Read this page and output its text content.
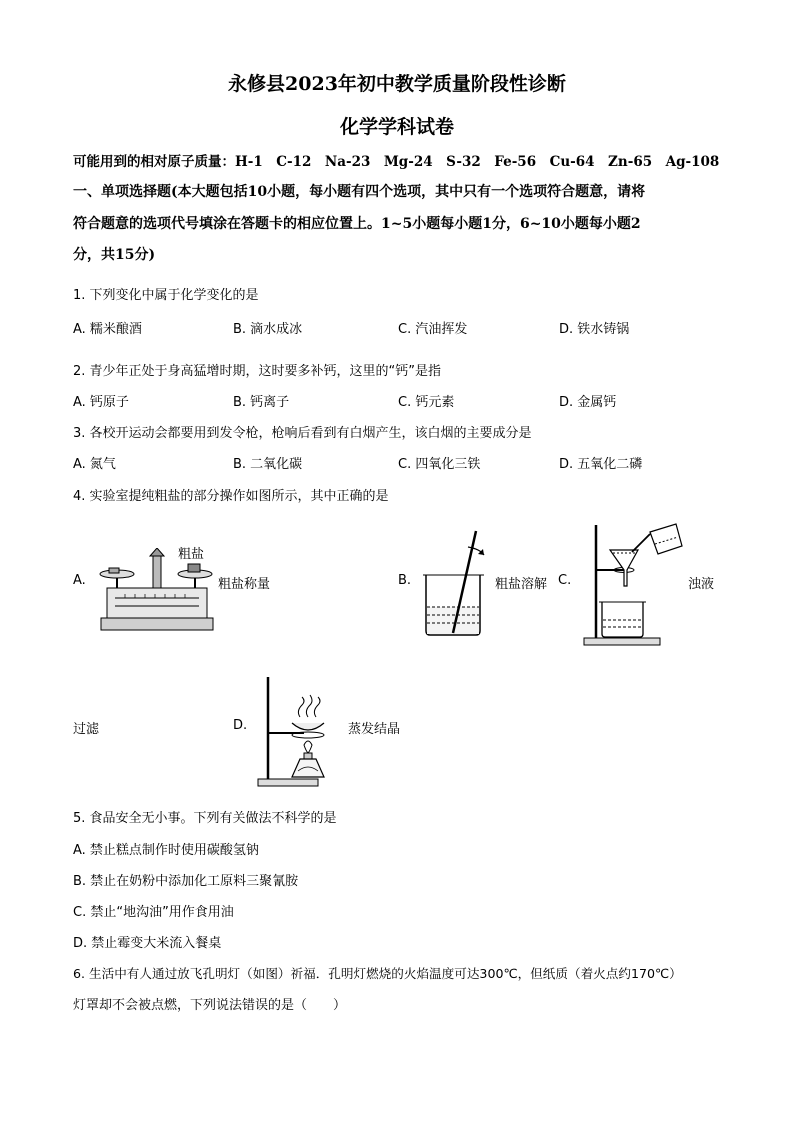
永修县2023年初中教学质量阶段性诊断
化学学科试卷
可能用到的相对原子质量：H-1　C-12　Na-23　Mg-24　S-32　Fe-56　Cu-64　Zn-65　Ag-108
一、单项选择题(本大题包括10小题，每小题有四个选项，其中只有一个选项符合题意，请将
符合题意的选项代号填涂在答题卡的相应位置上。1~5小题每小题1分，6~10小题每小题2
分，共15分)
1. 下列变化中属于化学变化的是
A. 糯米酿酒	B. 滴水成冰	C. 汽油挥发	D. 铁水铸锅
2. 青少年正处于身高猛增时期，这时要多补钙，这里的“钙”是指
A. 钙原子	B. 钙离子	C. 钙元素	D. 金属钙
3. 各校开运动会都要用到发令枪，枪响后看到有白烟产生，该白烟的主要成分是
A. 氮气	B. 二氧化碳	C. 四氧化三铁	D. 五氧化二磷
4. 实验室提纯粗盐的部分操作如图所示，其中正确的是
A.
粗盐
粗盐称量	B.	粗盐溶解 C.	浊液
过滤	D.	蒸发结晶
5. 食品安全无小事。下列有关做法不科学的是
A. 禁止糕点制作时使用碳酸氢钠
B. 禁止在奶粉中添加化工原料三聚氰胺
C. 禁止“地沟油”用作食用油
D. 禁止霉变大米流入餐桌
6. 生活中有人通过放飞孔明灯（如图）祈福．孔明灯燃烧的火焰温度可达300℃，但纸质（着火点约170℃）
灯罩却不会被点燃，下列说法错误的是（　　）
